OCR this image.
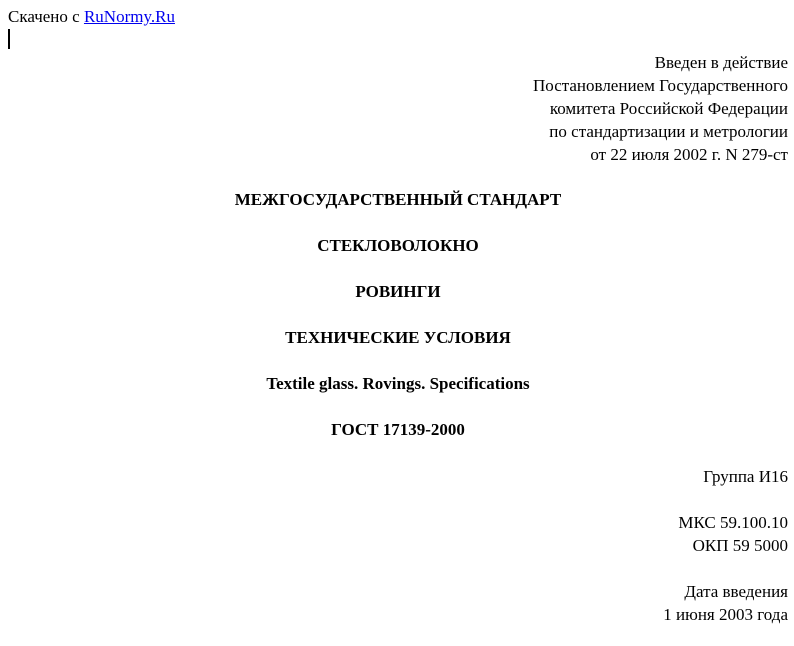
Скачено с RuNormy.Ru
Введен в действие
Постановлением Государственного
комитета Российской Федерации
по стандартизации и метрологии
от 22 июля 2002 г. N 279-ст
МЕЖГОСУДАРСТВЕННЫЙ СТАНДАРТ
СТЕКЛОВОЛОКНО
РОВИНГИ
ТЕХНИЧЕСКИЕ УСЛОВИЯ
Textile glass. Rovings. Specifications
ГОСТ 17139-2000
Группа И16
МКС 59.100.10
ОКП 59 5000
Дата введения
1 июня 2003 года
